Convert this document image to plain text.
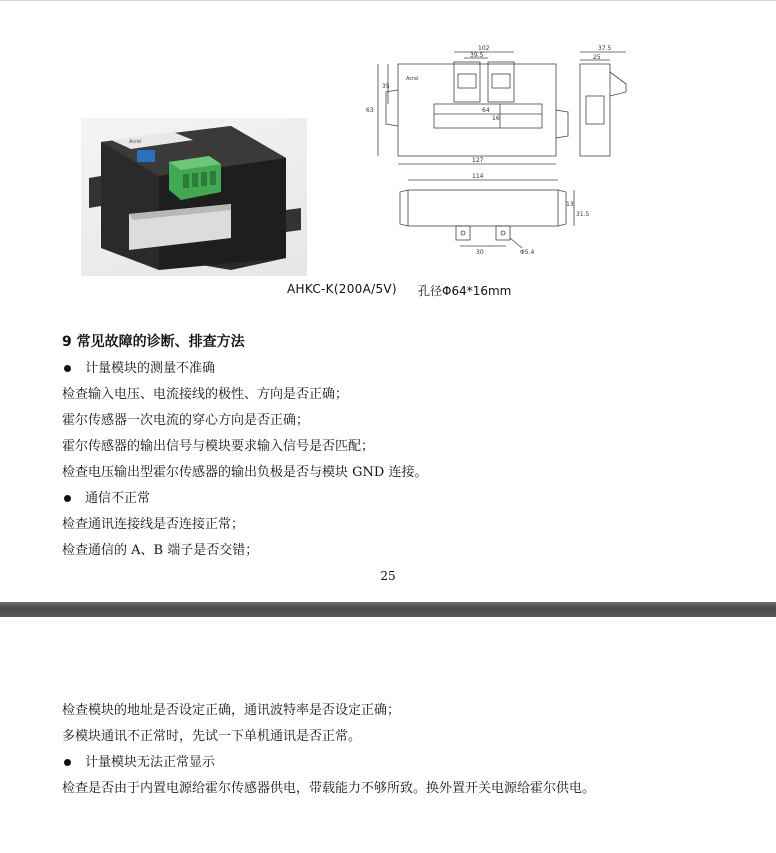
Acrel
102
39.5
64
16
63
35
127
Acrel
37.5
25
114
13
31.5
30	Φ5.4
AHKC-K(200A/5V) 孔径Φ64*16mm
9 常见故障的诊断、排查方法
计量模块的测量不准确
检查输入电压、电流接线的极性、方向是否正确；
霍尔传感器一次电流的穿心方向是否正确；
霍尔传感器的输出信号与模块要求输入信号是否匹配；
检查电压输出型霍尔传感器的输出负极是否与模块 GND 连接。
通信不正常
检查通讯连接线是否连接正常；
检查通信的 A、B 端子是否交错；
25
检查模块的地址是否设定正确，通讯波特率是否设定正确；
多模块通讯不正常时，先试一下单机通讯是否正常。
计量模块无法正常显示
检查是否由于内置电源给霍尔传感器供电，带载能力不够所致。换外置开关电源给霍尔供电。
